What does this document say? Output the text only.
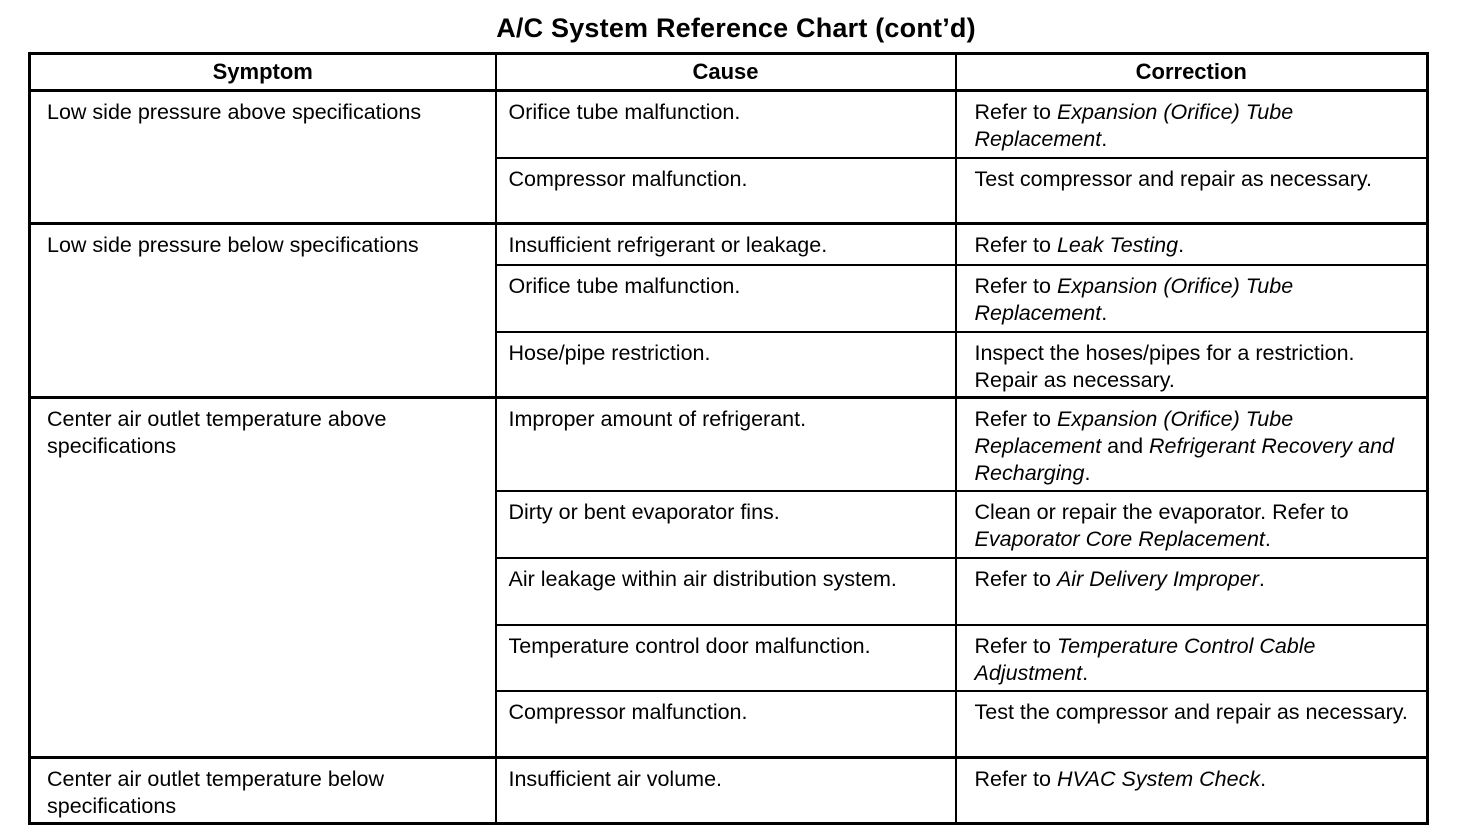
A/C System Reference Chart (cont’d)
Symptom	Cause	Correction
Low side pressure above specifications	Orifice tube malfunction.	Refer to Expansion (Orifice) Tube Replacement.
	Compressor malfunction.	Test compressor and repair as necessary.
Low side pressure below specifications	Insufficient refrigerant or leakage.	Refer to Leak Testing.
	Orifice tube malfunction.	Refer to Expansion (Orifice) Tube Replacement.
	Hose/pipe restriction.	Inspect the hoses/pipes for a restriction. Repair as necessary.
Center air outlet temperature above specifications	Improper amount of refrigerant.	Refer to Expansion (Orifice) Tube Replacement and Refrigerant Recovery and Recharging.
	Dirty or bent evaporator fins.	Clean or repair the evaporator. Refer to Evaporator Core Replacement.
	Air leakage within air distribution system.	Refer to Air Delivery Improper.
	Temperature control door malfunction.	Refer to Temperature Control Cable Adjustment.
	Compressor malfunction.	Test the compressor and repair as necessary.
Center air outlet temperature below specifications	Insufficient air volume.	Refer to HVAC System Check.
